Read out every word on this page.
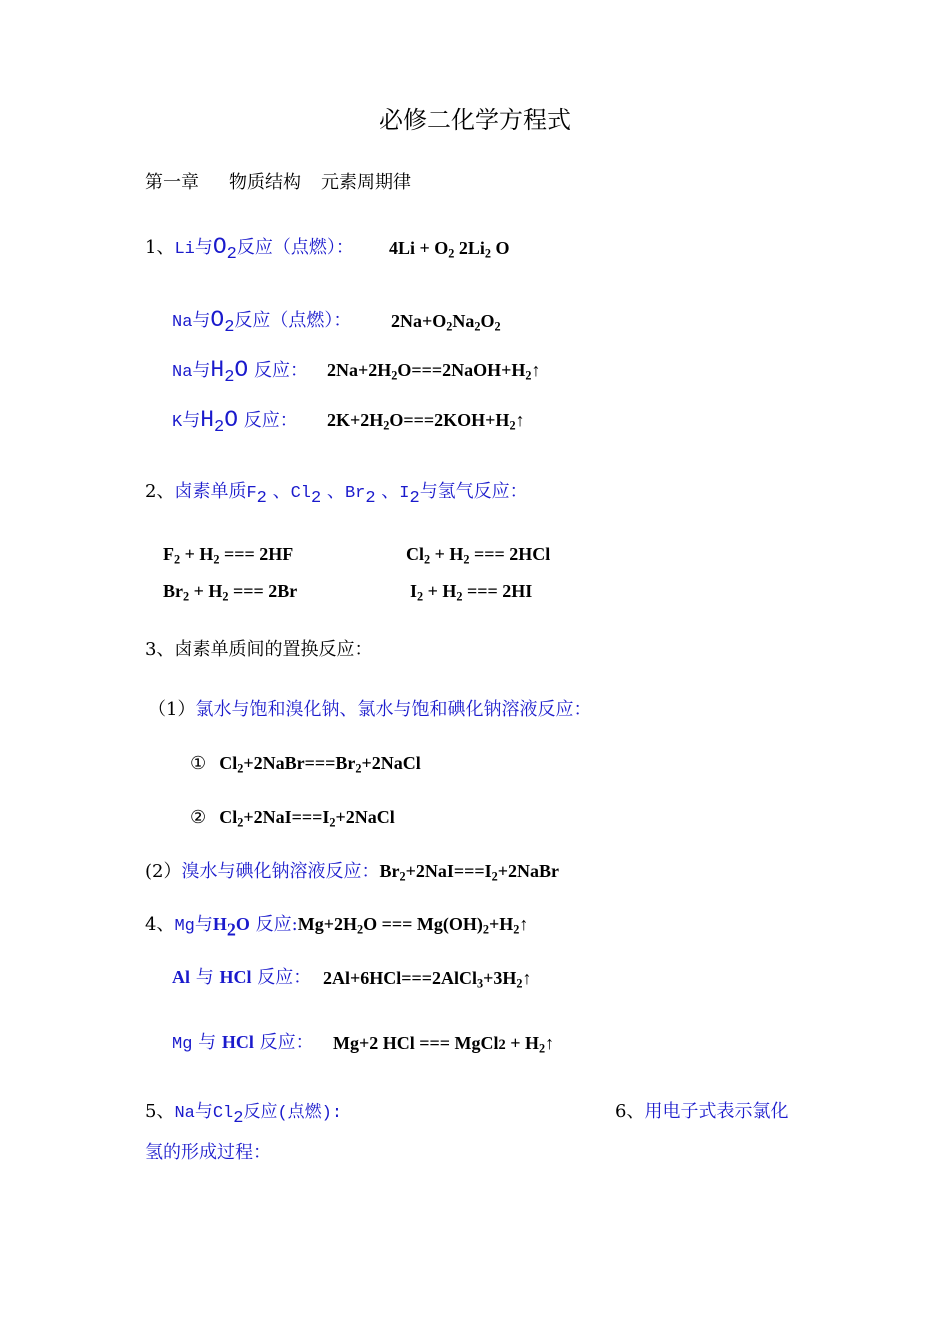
必修二化学方程式
第一章 物质结构 元素周期律
1、Li与$O_2$反应（点燃）： $4Li + O_2$ $2Li_2$ O
Na与$O_2$反应（点燃）： $2Na+O_2Na_2O_2$
Na与$H_2O$ 反应： $2Na+2H_2O===2NaOH+H_2↑$
K与$H_2O$ 反应： $2K+2H_2O===2KOH+H_2↑$
2、卤素单质$F_2$ 、$Cl_2$ 、$Br_2$ 、$I_2$与氢气反应：
$F_2 + H_2$ === 2HF	$Cl_2 + H_2$ === 2HCl
$Br_2 + H_2$ === 2Br	$I_2 + H_2$ === 2HI
3、卤素单质间的置换反应：
（1）氯水与饱和溴化钠、氯水与饱和碘化钠溶液反应：
① $Cl_2+2NaBr===Br_2+2NaCl$
② $Cl_2+2NaI===I_2+2NaCl$
(2）溴水与碘化钠溶液反应：$Br_2+2NaI===I_2+2NaBr$
4、Mg与$H_2O$ 反应$:Mg+2H_2O$ === $Mg(OH)_2+H_2↑$
Al 与 HCl 反应： $2Al+6HCl===2AlCl_3+3H_2↑$
Mg 与 HCl 反应： Mg+2 HCl === MgCl2 + $H_2↑$
5、Na与$Cl_2$反应(点燃):	6、用电子式表示氯化
氢的形成过程：
